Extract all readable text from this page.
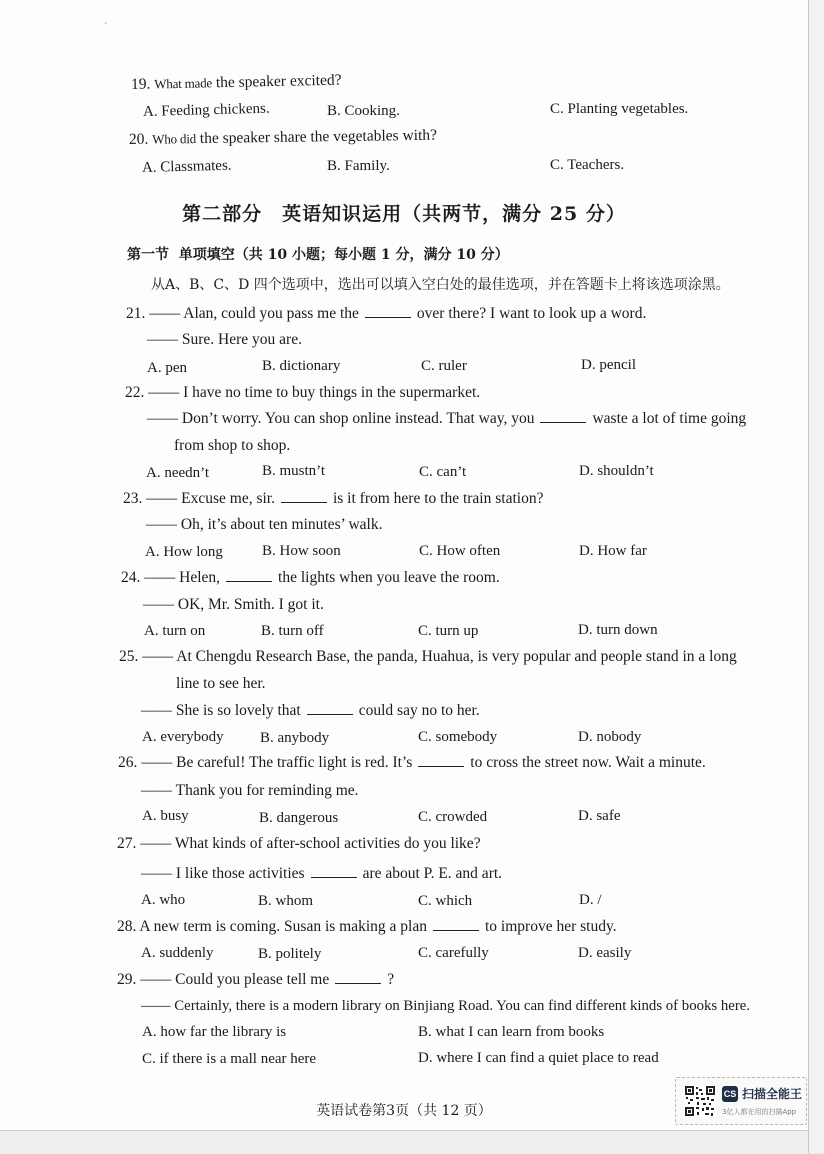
`
19. What made the speaker excited?
A. Feeding chickens.	B. Cooking.	C. Planting vegetables.
20. Who did the speaker share the vegetables with?
A. Classmates.	B. Family.	C. Teachers.
第二部分　英语知识运用（共两节，满分 25 分）
第一节 单项填空（共 10 小题；每小题 1 分，满分 10 分）
从A、B、C、D 四个选项中，选出可以填入空白处的最佳选项，并在答题卡上将该选项涂黑。
21. —— Alan, could you pass me the	over there? I want to look up a word.
—— Sure. Here you are.
A. pen	B. dictionary	C. ruler	D. pencil
22. —— I have no time to buy things in the supermarket.
—— Don’t worry. You can shop online instead. That way, you	waste a lot of time going
from shop to shop.
A. needn’t	B. mustn’t	C. can’t	D. shouldn’t
23. —— Excuse me, sir.	is it from here to the train station?
—— Oh, it’s about ten minutes’ walk.
A. How long	B. How soon	C. How often	D. How far
24. —— Helen,	the lights when you leave the room.
—— OK, Mr. Smith. I got it.
A. turn on	B. turn off	C. turn up	D. turn down
25. —— At Chengdu Research Base, the panda, Huahua, is very popular and people stand in a long
line to see her.
—— She is so lovely that	could say no to her.
A. everybody B. anybody	C. somebody	D. nobody
26. —— Be careful! The traffic light is red. It’s	to cross the street now. Wait a minute.
—— Thank you for reminding me.
A. busy	B. dangerous	C. crowded	D. safe
27. —— What kinds of after-school activities do you like?
—— I like those activities	are about P. E. and art.
A. who	B. whom	C. which	D. /
28. A new term is coming. Susan is making a plan	to improve her study.
A. suddenly	B. politely	C. carefully	D. easily
29. —— Could you please tell me	?
—— Certainly, there is a modern library on Binjiang Road. You can find different kinds of books here.
A. how far the library is	B. what I can learn from books
C. if there is a mall near here	D. where I can find a quiet place to read
英语试卷第3页（共 12 页）
CS 扫描全能王
3亿人都在用的扫描App
